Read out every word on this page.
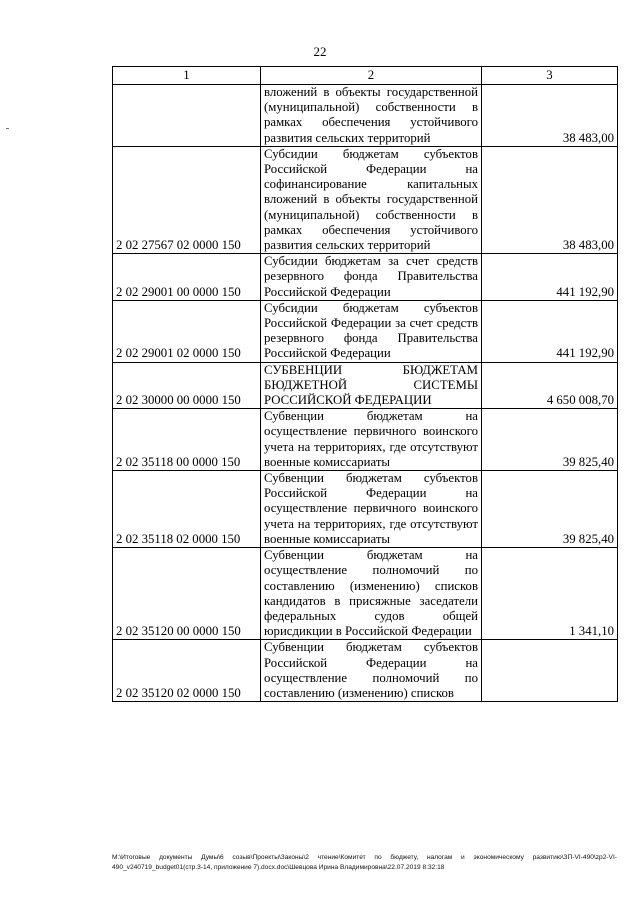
22
1	2	3
	вложений в объекты государственной (муниципальной) собственности в рамках обеспечения устойчивого развития сельских территорий	38 483,00
2 02 27567 02 0000 150	Субсидии бюджетам субъектов Российской Федерации на софинансирование капитальных вложений в объекты государственной (муниципальной) собственности в рамках обеспечения устойчивого развития сельских территорий	38 483,00
2 02 29001 00 0000 150	Субсидии бюджетам за счет средств резервного фонда Правительства Российской Федерации	441 192,90
2 02 29001 02 0000 150	Субсидии бюджетам субъектов Российской Федерации за счет средств резервного фонда Правительства Российской Федерации	441 192,90
2 02 30000 00 0000 150	СУБВЕНЦИИ БЮДЖЕТАМ БЮДЖЕТНОЙ СИСТЕМЫ РОССИЙСКОЙ ФЕДЕРАЦИИ	4 650 008,70
2 02 35118 00 0000 150	Субвенции бюджетам на осуществление первичного воинского учета на территориях, где отсутствуют военные комиссариаты	39 825,40
2 02 35118 02 0000 150	Субвенции бюджетам субъектов Российской Федерации на осуществление первичного воинского учета на территориях, где отсутствуют военные комиссариаты	39 825,40
2 02 35120 00 0000 150	Субвенции бюджетам на осуществление полномочий по составлению (изменению) списков кандидатов в присяжные заседатели федеральных судов общей юрисдикции в Российской Федерации	1 341,10
2 02 35120 02 0000 150	Субвенции бюджетам субъектов Российской Федерации на осуществление полномочий по составлению (изменению) списков	
M:\Итоговые документы Думы\6 созыв\Проекты\Законы\2 чтение\Комитет по бюджету, налогам и экономическому развитию\ЗП-VI-490\zp2-VI-490_v240719_budget01(стр.3-14, приложение 7).docx.doc\Шевцова Ирина Владимировна\22.07.2019 8:32:18
